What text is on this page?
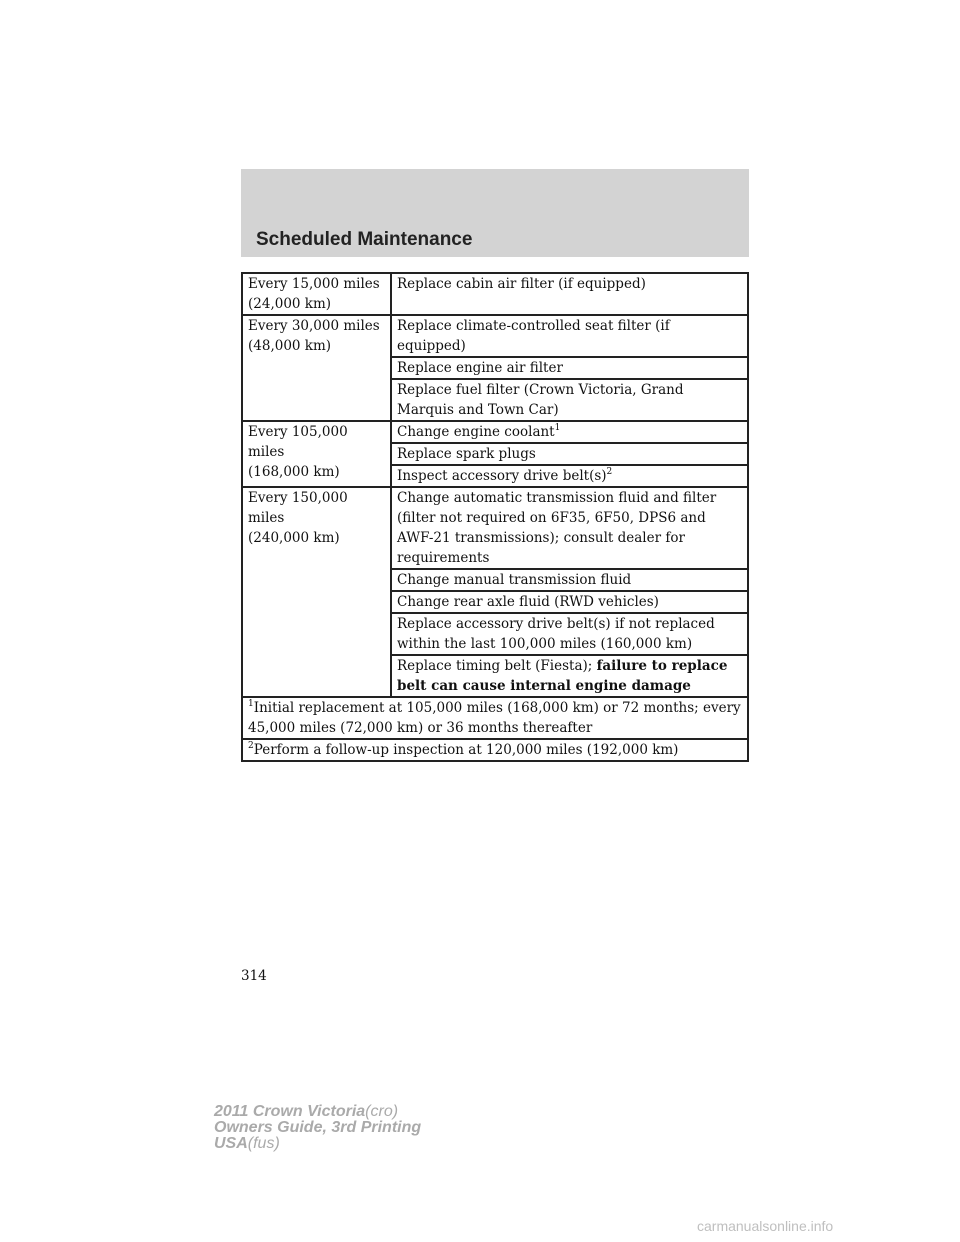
Scheduled Maintenance
Every 15,000 miles
(24,000 km)	Replace cabin air filter (if equipped)
Every 30,000 miles
(48,000 km)	Replace climate-controlled seat filter (if equipped)
	Replace engine air filter
	Replace fuel filter (Crown Victoria, Grand Marquis and Town Car)
Every 105,000 miles
(168,000 km)	Change engine coolant$^1$
	Replace spark plugs
	Inspect accessory drive $belt(s)^2$
Every 150,000 miles
(240,000 km)	Change automatic transmission fluid and filter (filter not required on 6F35, 6F50, DPS6 and AWF-21 transmissions); consult dealer for requirements
	Change manual transmission fluid
	Change rear axle fluid (RWD vehicles)
	Replace accessory drive belt(s) if not replaced within the last 100,000 miles (160,000 km)
	Replace timing belt (Fiesta); failure to replace belt can cause internal engine damage
$^1$Initial replacement at 105,000 miles (168,000 km) or 72 months; every 45,000 miles (72,000 km) or 36 months thereafter	
$^2$Perform a follow-up inspection at 120,000 miles (192,000 km)	
314
2011 Crown Victoria(cro)
Owners Guide, 3rd Printing
USA(fus)
carmanualsonline.info
